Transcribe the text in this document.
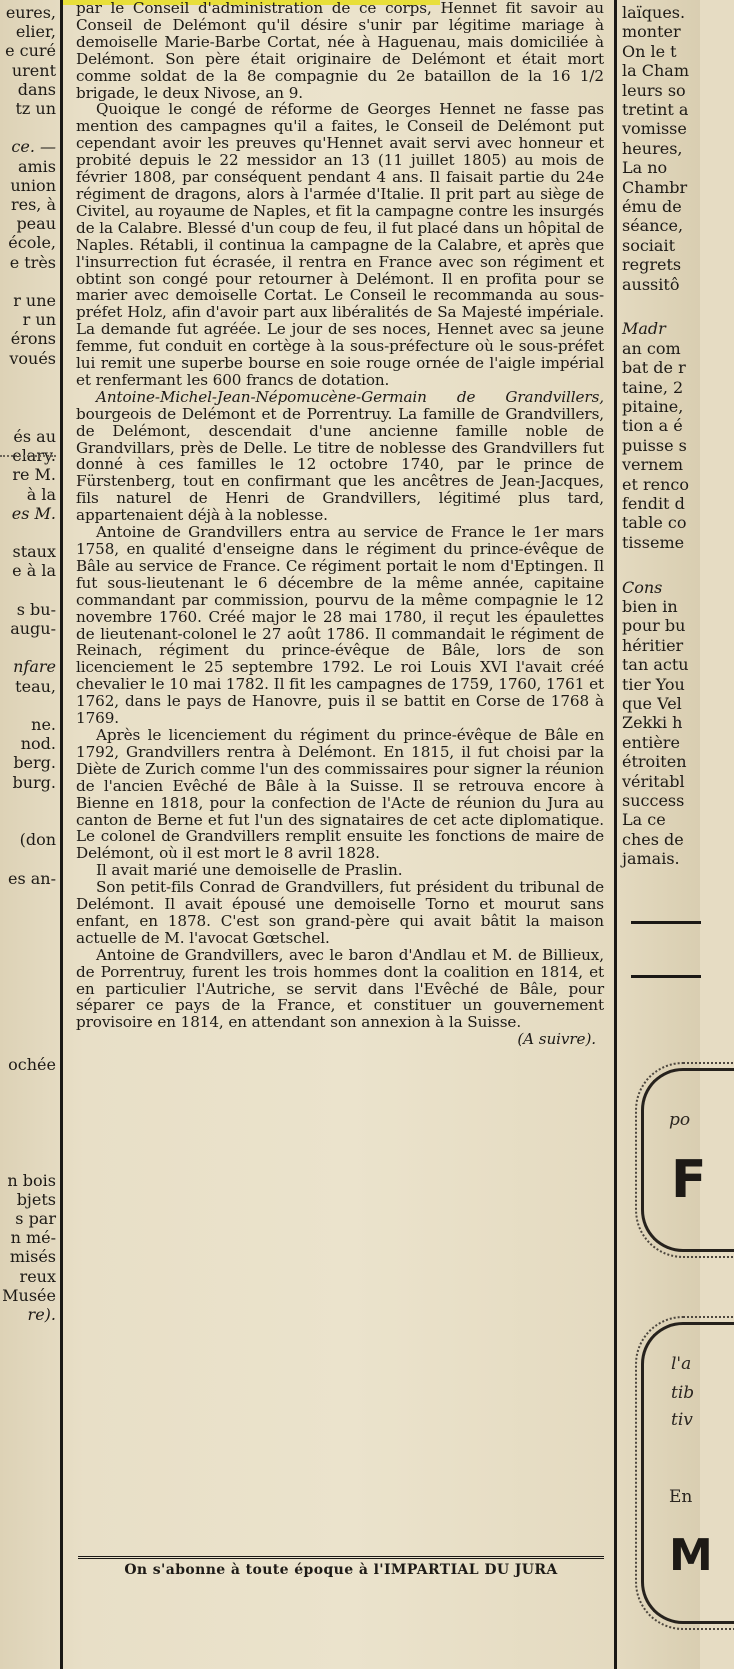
eures,
elier,
e curé
urent
dans
tz un
ce. —
amis
union
res, à
peau
école,
e très
r une
r un
érons
voués
és au
elary.
re M.
à la
es M.
staux
e à la
s bu-
augu-
nfare
teau,
ne.
nod.
berg.
burg.
(don
es an-
ochée
n bois
bjets
s par
n mé-
misés
reux
Musée
re).

par le Conseil d'administration de ce corps, Hennet fit savoir au Conseil de Delémont qu'il désire s'unir par légitime mariage à demoiselle Marie-Barbe Cortat, née à Haguenau, mais domiciliée à Delémont. Son père était originaire de Delémont et était mort comme soldat de la 8e compagnie du 2e bataillon de la 16 1/2 brigade, le deux Nivose, an 9.

Quoique le congé de réforme de Georges Hennet ne fasse pas mention des campagnes qu'il a faites, le Conseil de Delémont put cependant avoir les preuves qu'Hennet avait servi avec honneur et probité depuis le 22 messidor an 13 (11 juillet 1805) au mois de février 1808, par conséquent pendant 4 ans. Il faisait partie du 24e régiment de dragons, alors à l'armée d'Italie. Il prit part au siège de Civitel, au royaume de Naples, et fit la campagne contre les insurgés de la Calabre. Blessé d'un coup de feu, il fut placé dans un hôpital de Naples. Rétabli, il continua la campagne de la Calabre, et après que l'insurrection fut écrasée, il rentra en France avec son régiment et obtint son congé pour retourner à Delémont. Il en profita pour se marier avec demoiselle Cortat. Le Conseil le recommanda au sous-préfet Holz, afin d'avoir part aux libéralités de Sa Majesté impériale. La demande fut agréée. Le jour de ses noces, Hennet avec sa jeune femme, fut conduit en cortège à la sous-préfecture où le sous-préfet lui remit une superbe bourse en soie rouge ornée de l'aigle impérial et renfermant les 600 francs de dotation.

Antoine-Michel-Jean-Népomucène-Germain de Grandvillers, bourgeois de Delémont et de Porrentruy. La famille de Grandvillers, de Delémont, descendait d'une ancienne famille noble de Grandvillars, près de Delle. Le titre de noblesse des Grandvillers fut donné à ces familles le 12 octobre 1740, par le prince de Fürstenberg, tout en confirmant que les ancêtres de Jean-Jacques, fils naturel de Henri de Grandvillers, légitimé plus tard, appartenaient déjà à la noblesse.

Antoine de Grandvillers entra au service de France le 1er mars 1758, en qualité d'enseigne dans le régiment du prince-évêque de Bâle au service de France. Ce régiment portait le nom d'Eptingen. Il fut sous-lieutenant le 6 décembre de la même année, capitaine commandant par commission, pourvu de la même compagnie le 12 novembre 1760. Créé major le 28 mai 1780, il reçut les épaulettes de lieutenant-colonel le 27 août 1786. Il commandait le régiment de Reinach, régiment du prince-évêque de Bâle, lors de son licenciement le 25 septembre 1792. Le roi Louis XVI l'avait créé chevalier le 10 mai 1782. Il fit les campagnes de 1759, 1760, 1761 et 1762, dans le pays de Hanovre, puis il se battit en Corse de 1768 à 1769.

Après le licenciement du régiment du prince-évêque de Bâle en 1792, Grandvillers rentra à Delémont. En 1815, il fut choisi par la Diète de Zurich comme l'un des commissaires pour signer la réunion de l'ancien Evêché de Bâle à la Suisse. Il se retrouva encore à Bienne en 1818, pour la confection de l'Acte de réunion du Jura au canton de Berne et fut l'un des signataires de cet acte diplomatique. Le colonel de Grandvillers remplit ensuite les fonctions de maire de Delémont, où il est mort le 8 avril 1828.

Il avait marié une demoiselle de Praslin.

Son petit-fils Conrad de Grandvillers, fut président du tribunal de Delémont. Il avait épousé une demoiselle Torno et mourut sans enfant, en 1878. C'est son grand-père qui avait bâtit la maison actuelle de M. l'avocat Gœtschel.

Antoine de Grandvillers, avec le baron d'Andlau et M. de Billieux, de Porrentruy, furent les trois hommes dont la coalition en 1814, et en particulier l'Autriche, se servit dans l'Evêché de Bâle, pour séparer ce pays de la France, et constituer un gouvernement provisoire en 1814, en attendant son annexion à la Suisse.

(A suivre).

On s'abonne à toute époque à l'IMPARTIAL DU JURA
po
F
l'a
tib
tiv
En
M
laïques.
monter
On le t
la Cham
leurs so
tretint a
vomisse
heures,
La no
Chambr
ému de
séance,
sociait
regrets
aussitô
Madr
an com
bat de r
taine, 2
pitaine,
tion a é
puisse s
vernem
et renco
fendit d
table co
tisseme
Cons
bien in
pour bu
héritier
tan actu
tier You
que Vel
Zekki h
entière
étroiten
véritabl
success
La ce
ches de
jamais.
